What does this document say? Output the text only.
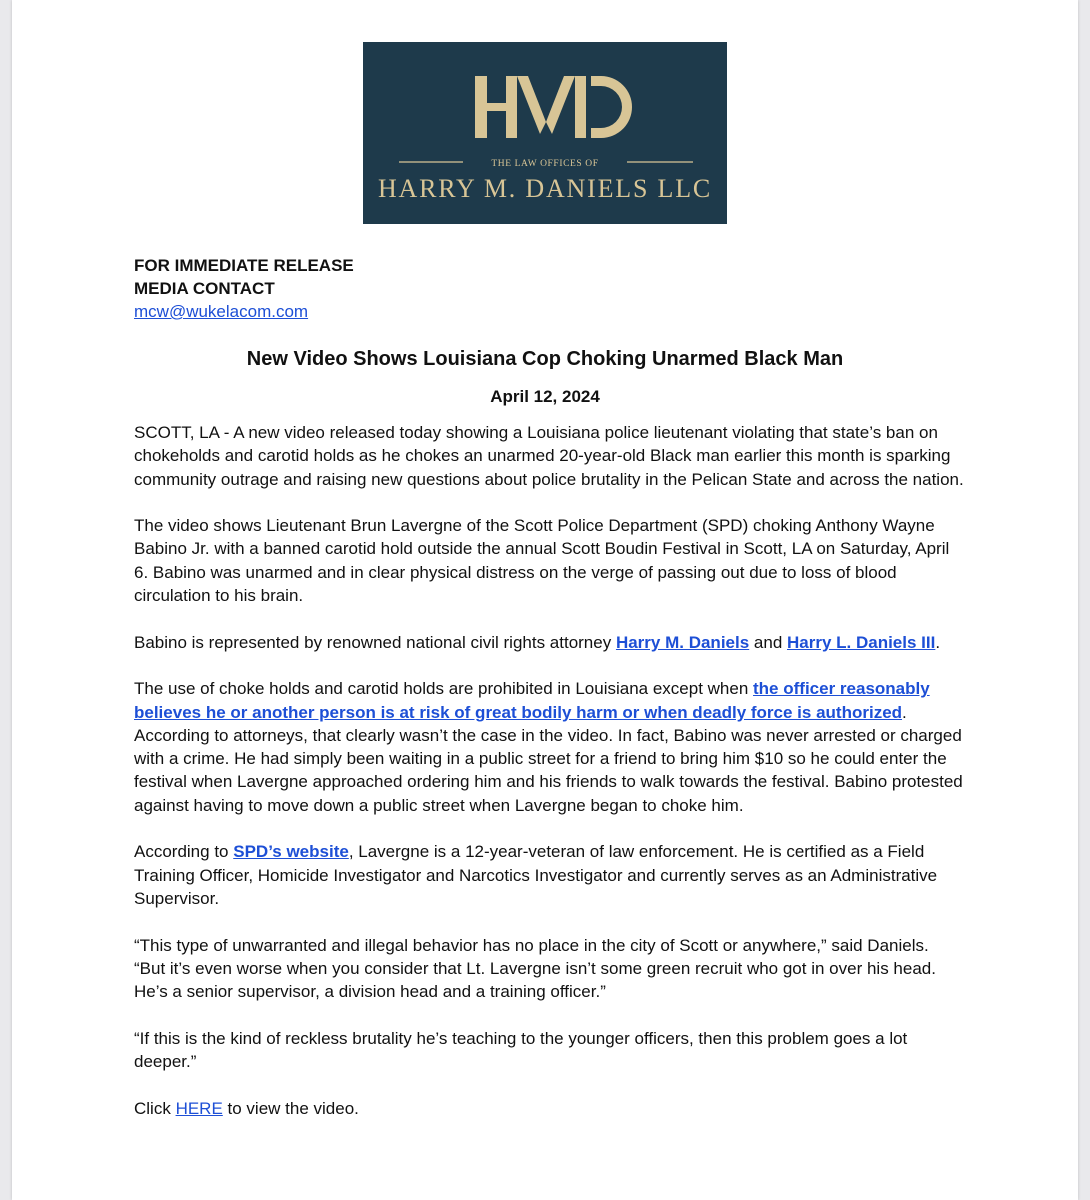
THE LAW OFFICES OF
HARRY M. DANIELS LLC
FOR IMMEDIATE RELEASE
MEDIA CONTACT
mcw@wukelacom.com
New Video Shows Louisiana Cop Choking Unarmed Black Man
April 12, 2024

SCOTT, LA - A new video released today showing a Louisiana police lieutenant violating that state’s ban on chokeholds and carotid holds as he chokes an unarmed 20-year-old Black man earlier this month is sparking community outrage and raising new questions about police brutality in the Pelican State and across the nation.

The video shows Lieutenant Brun Lavergne of the Scott Police Department (SPD) choking Anthony Wayne Babino Jr. with a banned carotid hold outside the annual Scott Boudin Festival in Scott, LA on Saturday, April 6. Babino was unarmed and in clear physical distress on the verge of passing out due to loss of blood circulation to his brain.

Babino is represented by renowned national civil rights attorney Harry M. Daniels and Harry L. Daniels III.

The use of choke holds and carotid holds are prohibited in Louisiana except when the officer reasonably believes he or another person is at risk of great bodily harm or when deadly force is authorized. According to attorneys, that clearly wasn’t the case in the video. In fact, Babino was never arrested or charged with a crime. He had simply been waiting in a public street for a friend to bring him $10 so he could enter the festival when Lavergne approached ordering him and his friends to walk towards the festival. Babino protested against having to move down a public street when Lavergne began to choke him.

According to SPD’s website, Lavergne is a 12-year-veteran of law enforcement. He is certified as a Field Training Officer, Homicide Investigator and Narcotics Investigator and currently serves as an Administrative Supervisor.

“This type of unwarranted and illegal behavior has no place in the city of Scott or anywhere,” said Daniels. “But it’s even worse when you consider that Lt. Lavergne isn’t some green recruit who got in over his head. He’s a senior supervisor, a division head and a training officer.”

“If this is the kind of reckless brutality he’s teaching to the younger officers, then this problem goes a lot deeper.”

Click HERE to view the video.
